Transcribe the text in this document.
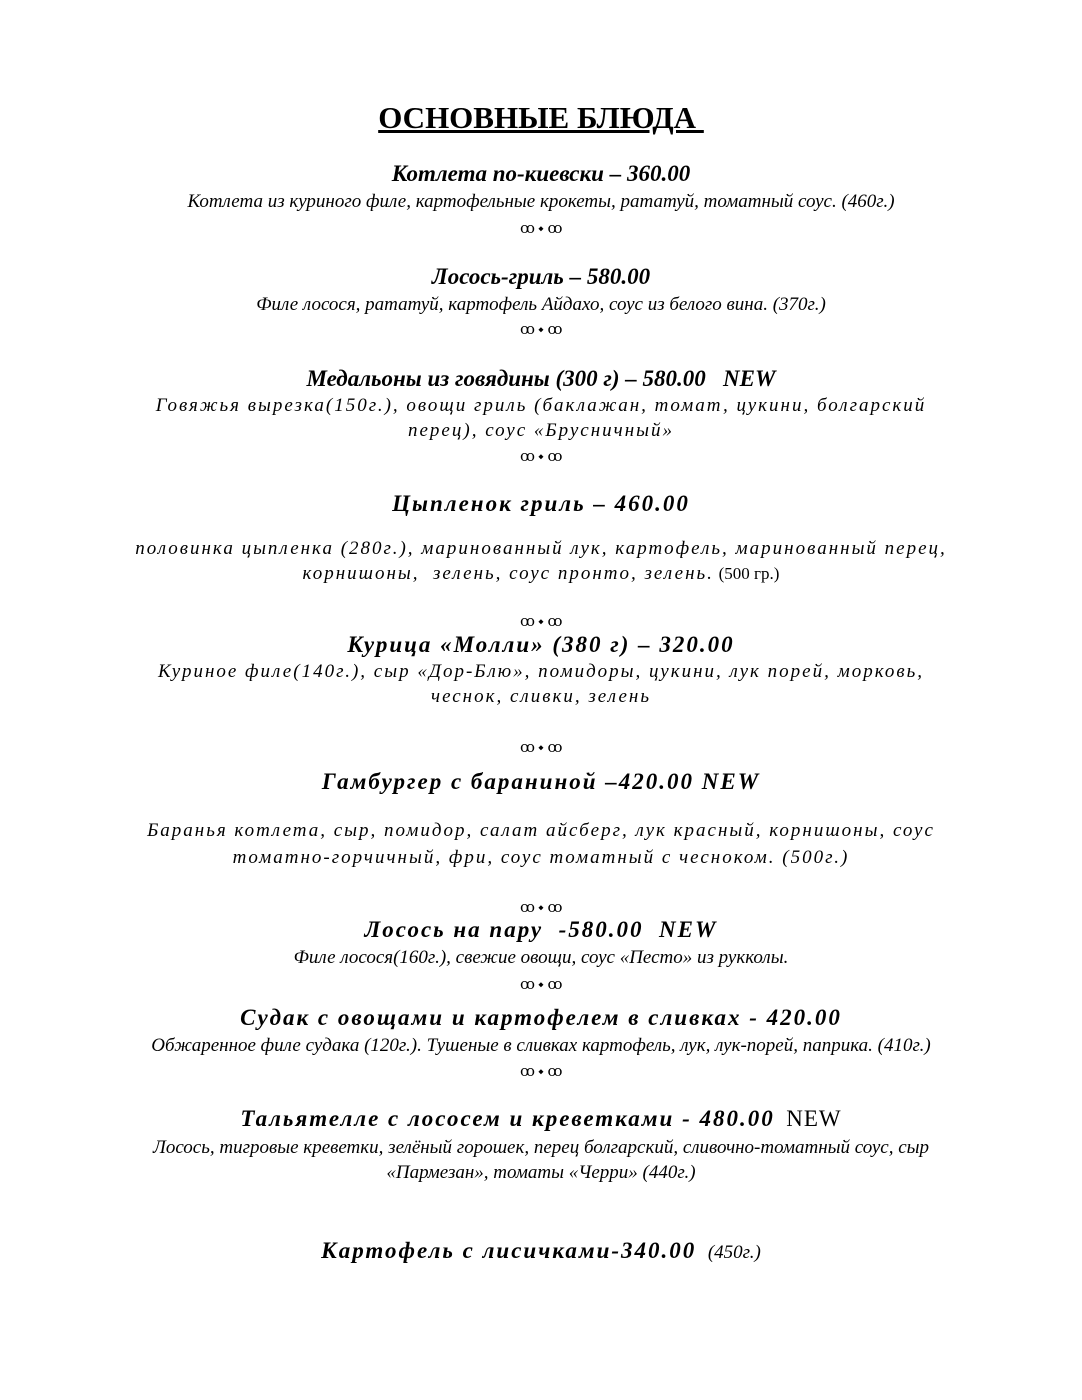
ОСНОВНЫЕ БЛЮДА
Котлета по-киевски – 360.00
Котлета из куриного филе, картофельные крокеты, рататуй, томатный соус. (460г.)
ꝏ ⬩ ꝏ
Лосось-гриль – 580.00
Филе лосося, рататуй, картофель Айдахо, соус из белого вина. (370г.)
ꝏ ⬩ ꝏ
Медальоны из говядины (300 г) – 580.00   NEW
Говяжья вырезка(150г.), овощи гриль (баклажан, томат, цукини, болгарский
перец), соус «Брусничный»
ꝏ ⬩ ꝏ
Цыпленок гриль – 460.00
половинка цыпленка (280г.), маринованный лук, картофель, маринованный перец,
корнишоны,  зелень, соус пронто, зелень. (500 гр.)
ꝏ ⬩ ꝏ
Курица «Молли» (380 г) – 320.00
Куриное филе(140г.), сыр «Дор-Блю», помидоры, цукини, лук порей, морковь,
чеснок, сливки, зелень
ꝏ ⬩ ꝏ
Гамбургер с бараниной –420.00 NEW
Баранья котлета, сыр, помидор, салат айсберг, лук красный, корнишоны, соус
томатно-горчичный, фри, соус томатный с чесноком. (500г.)
ꝏ ⬩ ꝏ
Лосось на пару  -580.00  NEW
Филе лосося(160г.), свежие овощи, соус «Песто» из рукколы.
ꝏ ⬩ ꝏ
Судак с овощами и картофелем в сливках - 420.00
Обжаренное филе судака (120г.). Тушеные в сливках картофель, лук, лук-порей, паприка. (410г.)
ꝏ ⬩ ꝏ
Тальятелле с лососем и креветками - 480.00 NEW
Лосось, тигровые креветки, зелёный горошек, перец болгарский, сливочно-томатный соус, сыр
«Пармезан», томаты «Черри» (440г.)
Картофель с лисичками-340.00 (450г.)
